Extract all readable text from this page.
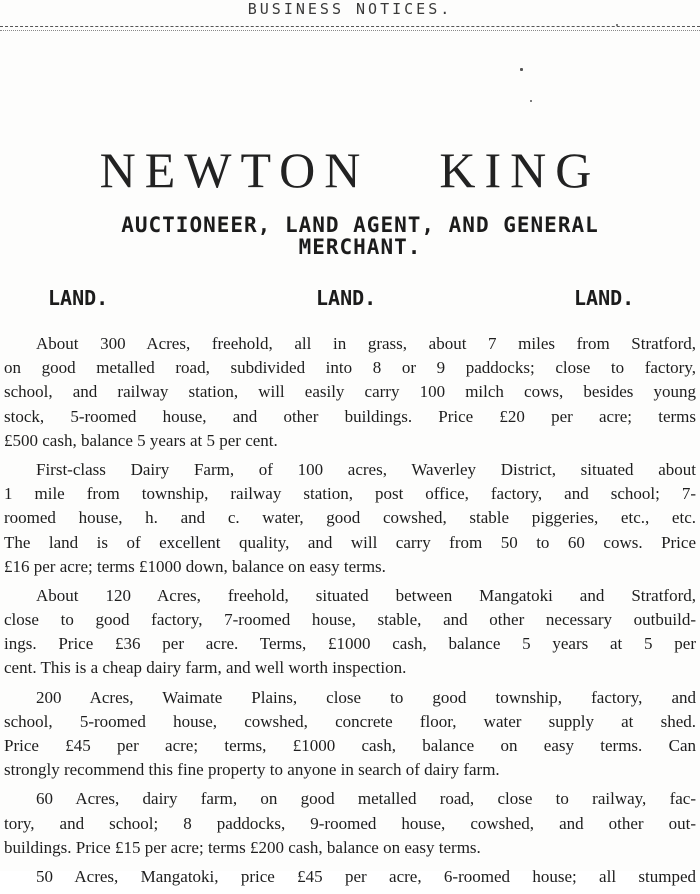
BUSINESS NOTICES.
NEWTON KING
AUCTIONEER, LAND AGENT, AND GENERAL
MERCHANT.
LAND.	LAND.	LAND.
About 300 Acres, freehold, all in grass, about 7 miles from Stratford,
on good metalled road, subdivided into 8 or 9 paddocks; close to factory,
school, and railway station, will easily carry 100 milch cows, besides young
stock, 5-roomed house, and other buildings. Price £20 per acre; terms
£500 cash, balance 5 years at 5 per cent.
First-class Dairy Farm, of 100 acres, Waverley District, situated about
1 mile from township, railway station, post office, factory, and school; 7-
roomed house, h. and c. water, good cowshed, stable piggeries, etc., etc.
The land is of excellent quality, and will carry from 50 to 60 cows. Price
£16 per acre; terms £1000 down, balance on easy terms.
About 120 Acres, freehold, situated between Mangatoki and Stratford,
close to good factory, 7-roomed house, stable, and other necessary outbuild-
ings. Price £36 per acre. Terms, £1000 cash, balance 5 years at 5 per
cent. This is a cheap dairy farm, and well worth inspection.
200 Acres, Waimate Plains, close to good township, factory, and
school, 5-roomed house, cowshed, concrete floor, water supply at shed.
Price £45 per acre; terms, £1000 cash, balance on easy terms. Can
strongly recommend this fine property to anyone in search of dairy farm.
60 Acres, dairy farm, on good metalled road, close to railway, fac-
tory, and school; 8 paddocks, 9-roomed house, cowshed, and other out-
buildings. Price £15 per acre; terms £200 cash, balance on easy terms.
50 Acres, Mangatoki, price £45 per acre, 6-roomed house; all stumped
